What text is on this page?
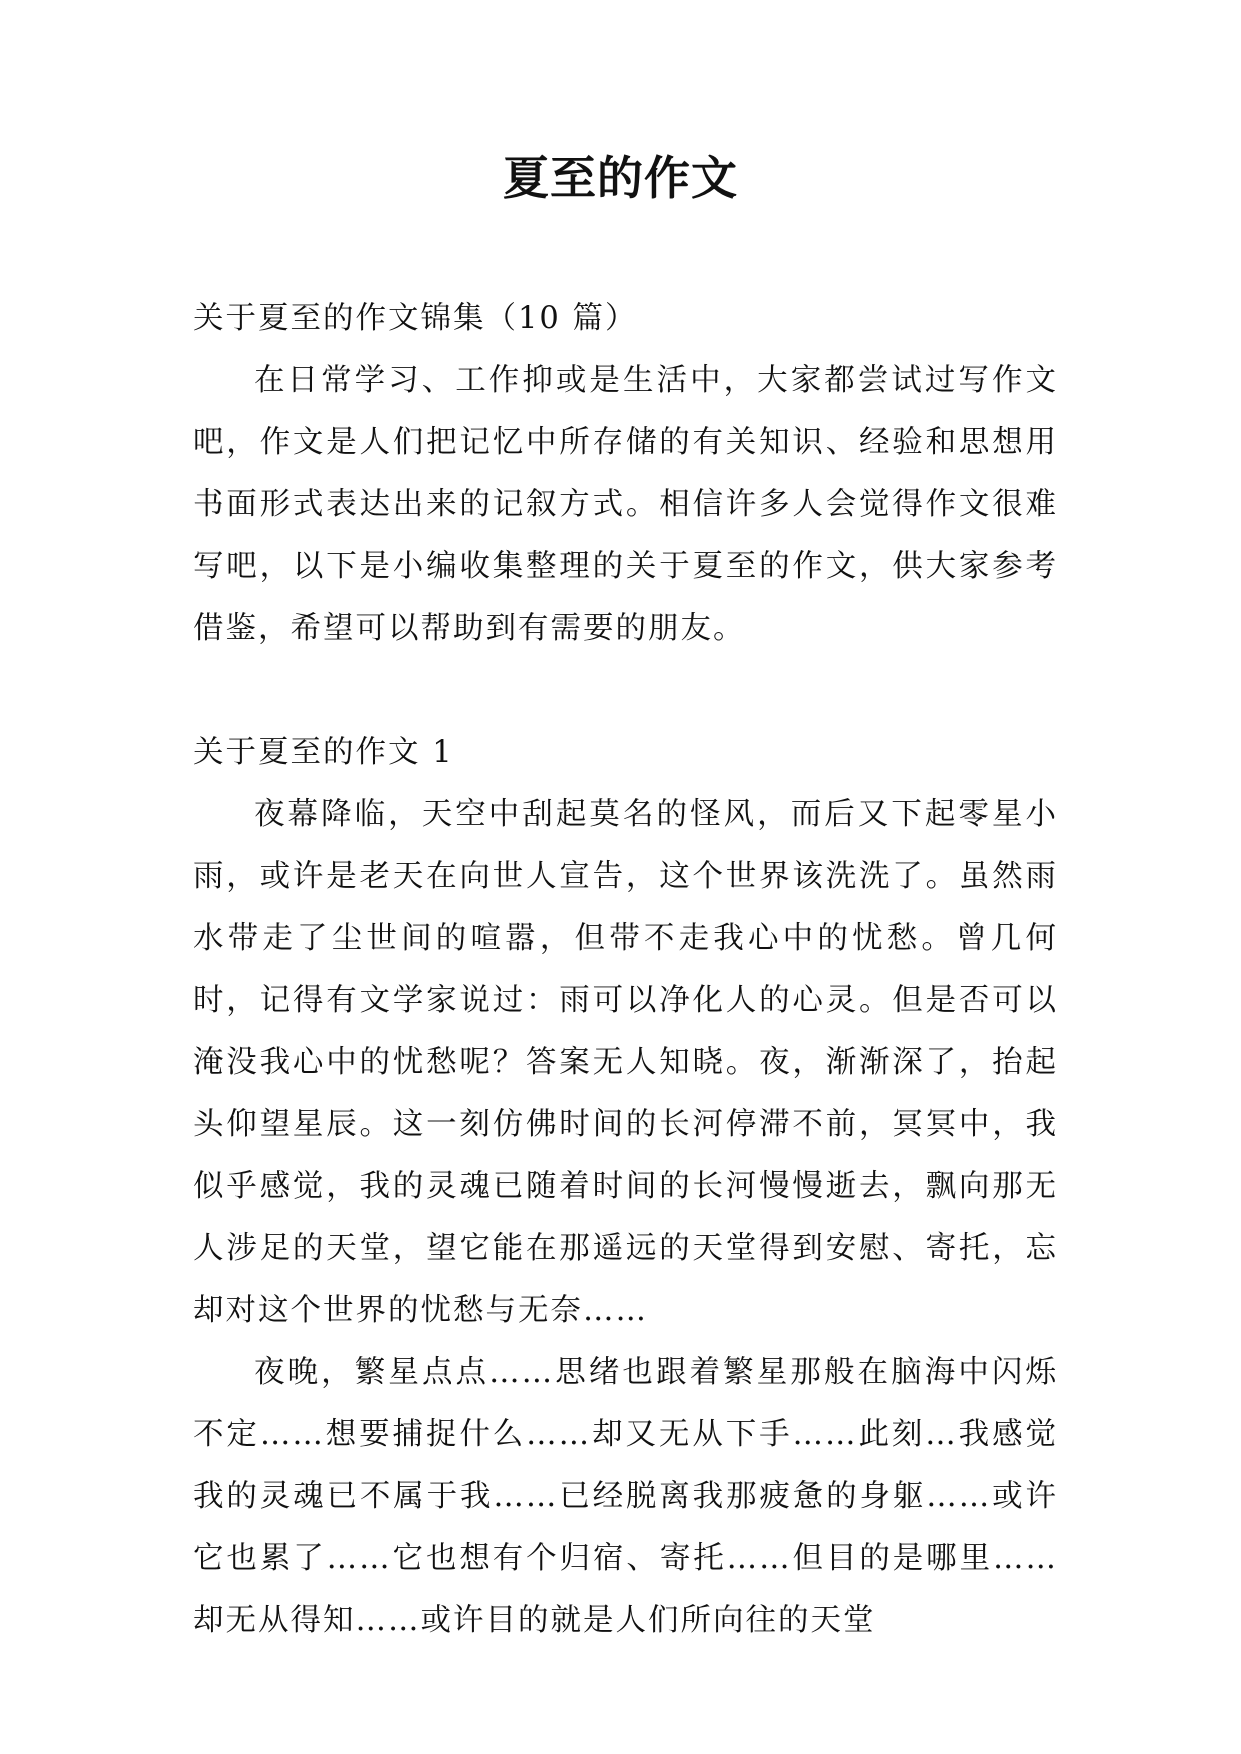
夏至的作文

关于夏至的作文锦集（10 篇）

在日常学习、工作抑或是生活中，大家都尝试过写作文吧，作文是人们把记忆中所存储的有关知识、经验和思想用书面形式表达出来的记叙方式。相信许多人会觉得作文很难写吧，以下是小编收集整理的关于夏至的作文，供大家参考借鉴，希望可以帮助到有需要的朋友。

关于夏至的作文 1

夜幕降临，天空中刮起莫名的怪风，而后又下起零星小雨，或许是老天在向世人宣告，这个世界该洗洗了。虽然雨水带走了尘世间的喧嚣，但带不走我心中的忧愁。曾几何时，记得有文学家说过：雨可以净化人的心灵。但是否可以淹没我心中的忧愁呢？答案无人知晓。夜，渐渐深了，抬起头仰望星辰。这一刻仿佛时间的长河停滞不前，冥冥中，我似乎感觉，我的灵魂已随着时间的长河慢慢逝去，飘向那无人涉足的天堂，望它能在那遥远的天堂得到安慰、寄托，忘却对这个世界的忧愁与无奈……

夜晚，繁星点点……思绪也跟着繁星那般在脑海中闪烁不定……想要捕捉什么……却又无从下手……此刻…我感觉我的灵魂已不属于我……已经脱离我那疲惫的身躯……或许它也累了……它也想有个归宿、寄托……但目的是哪里……却无从得知……或许目的就是人们所向往的天堂
